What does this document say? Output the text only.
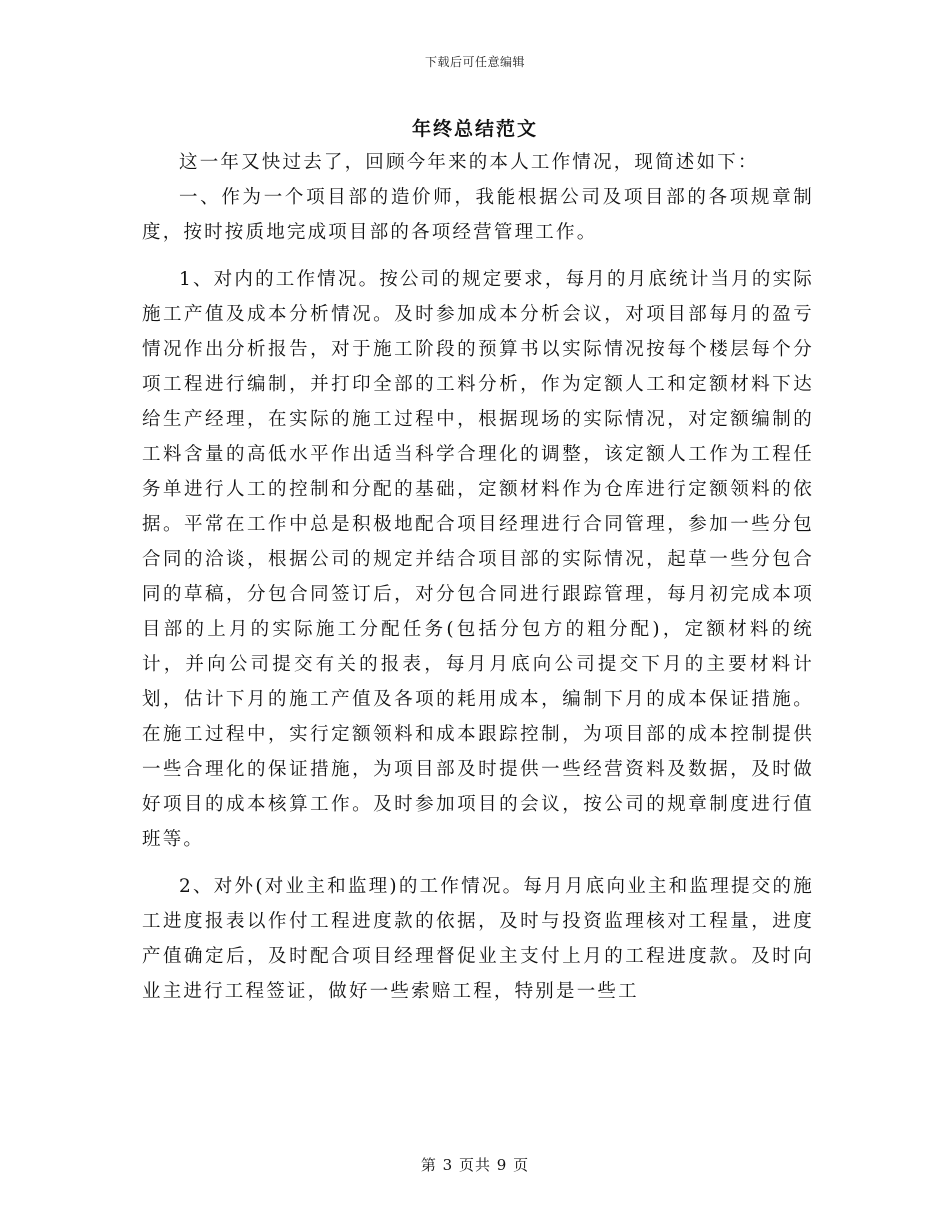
下载后可任意编辑
年终总结范文

这一年又快过去了，回顾今年来的本人工作情况，现简述如下：

一、作为一个项目部的造价师，我能根据公司及项目部的各项规章制度，按时按质地完成项目部的各项经营管理工作。

1、对内的工作情况。按公司的规定要求，每月的月底统计当月的实际施工产值及成本分析情况。及时参加成本分析会议，对项目部每月的盈亏情况作出分析报告，对于施工阶段的预算书以实际情况按每个楼层每个分项工程进行编制，并打印全部的工料分析，作为定额人工和定额材料下达给生产经理，在实际的施工过程中，根据现场的实际情况，对定额编制的工料含量的高低水平作出适当科学合理化的调整，该定额人工作为工程任务单进行人工的控制和分配的基础，定额材料作为仓库进行定额领料的依据。平常在工作中总是积极地配合项目经理进行合同管理，参加一些分包合同的洽谈，根据公司的规定并结合项目部的实际情况，起草一些分包合同的草稿，分包合同签订后，对分包合同进行跟踪管理，每月初完成本项目部的上月的实际施工分配任务(包括分包方的粗分配)，定额材料的统计，并向公司提交有关的报表，每月月底向公司提交下月的主要材料计划，估计下月的施工产值及各项的耗用成本，编制下月的成本保证措施。在施工过程中，实行定额领料和成本跟踪控制，为项目部的成本控制提供一些合理化的保证措施，为项目部及时提供一些经营资料及数据，及时做好项目的成本核算工作。及时参加项目的会议，按公司的规章制度进行值班等。

2、对外(对业主和监理)的工作情况。每月月底向业主和监理提交的施工进度报表以作付工程进度款的依据，及时与投资监理核对工程量，进度产值确定后，及时配合项目经理督促业主支付上月的工程进度款。及时向业主进行工程签证，做好一些索赔工程，特别是一些工

第 3 页共 9 页
